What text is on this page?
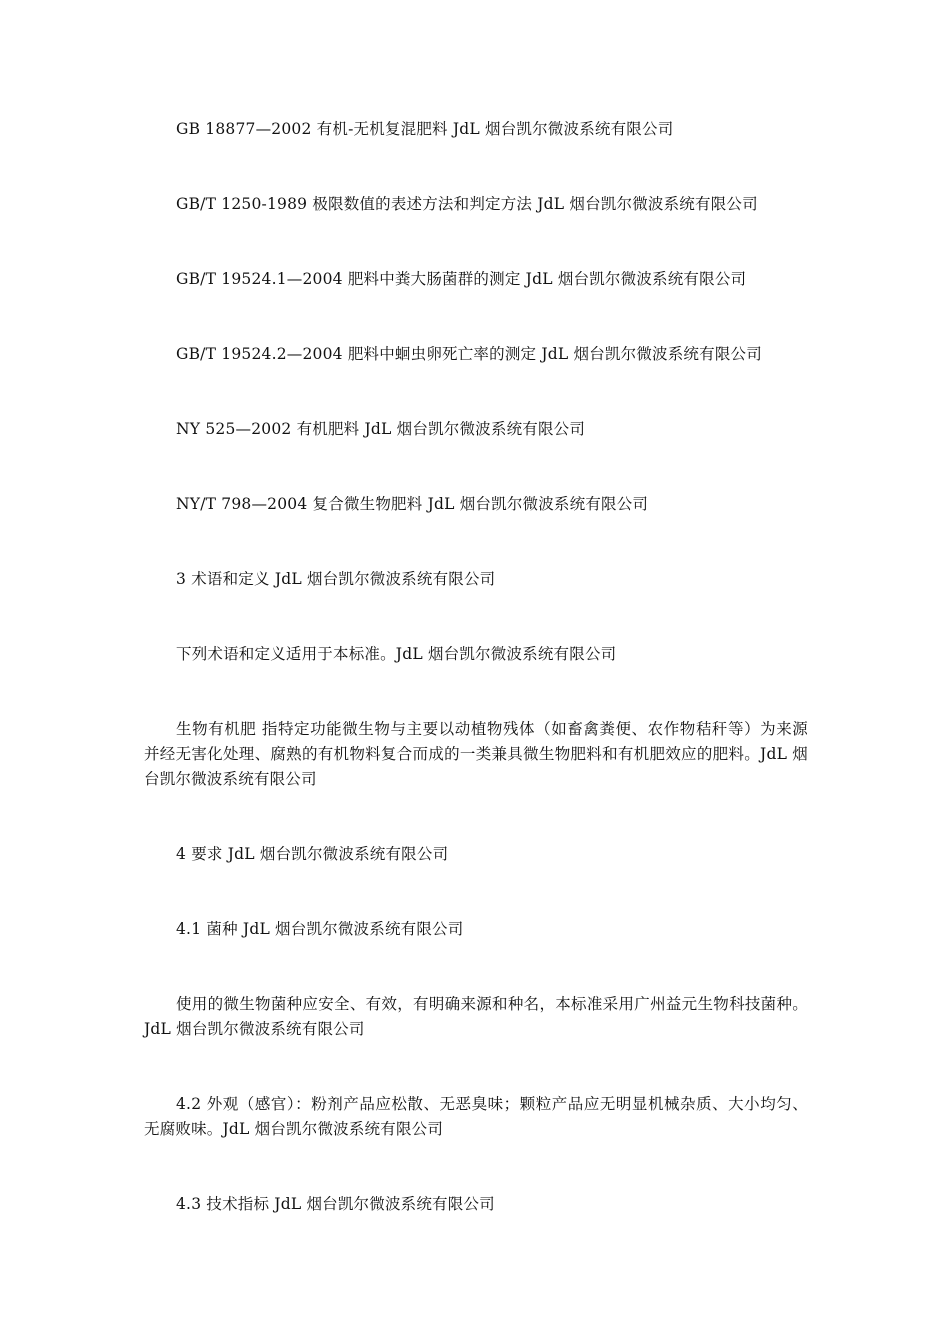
GB 18877—2002 有机-无机复混肥料 JdL 烟台凯尔微波系统有限公司

GB/T 1250-1989 极限数值的表述方法和判定方法 JdL 烟台凯尔微波系统有限公司

GB/T 19524.1—2004 肥料中粪大肠菌群的测定 JdL 烟台凯尔微波系统有限公司

GB/T 19524.2—2004 肥料中蛔虫卵死亡率的测定 JdL 烟台凯尔微波系统有限公司

NY 525—2002 有机肥料 JdL 烟台凯尔微波系统有限公司

NY/T 798—2004 复合微生物肥料 JdL 烟台凯尔微波系统有限公司

3 术语和定义 JdL 烟台凯尔微波系统有限公司

下列术语和定义适用于本标准。JdL 烟台凯尔微波系统有限公司

生物有机肥 指特定功能微生物与主要以动植物残体（如畜禽粪便、农作物秸秆等）为来源并经无害化处理、腐熟的有机物料复合而成的一类兼具微生物肥料和有机肥效应的肥料。JdL 烟台凯尔微波系统有限公司

4 要求 JdL 烟台凯尔微波系统有限公司

4.1 菌种 JdL 烟台凯尔微波系统有限公司

使用的微生物菌种应安全、有效，有明确来源和种名，本标准采用广州益元生物科技菌种。JdL 烟台凯尔微波系统有限公司

4.2 外观（感官）：粉剂产品应松散、无恶臭味；颗粒产品应无明显机械杂质、大小均匀、无腐败味。JdL 烟台凯尔微波系统有限公司

4.3 技术指标 JdL 烟台凯尔微波系统有限公司
